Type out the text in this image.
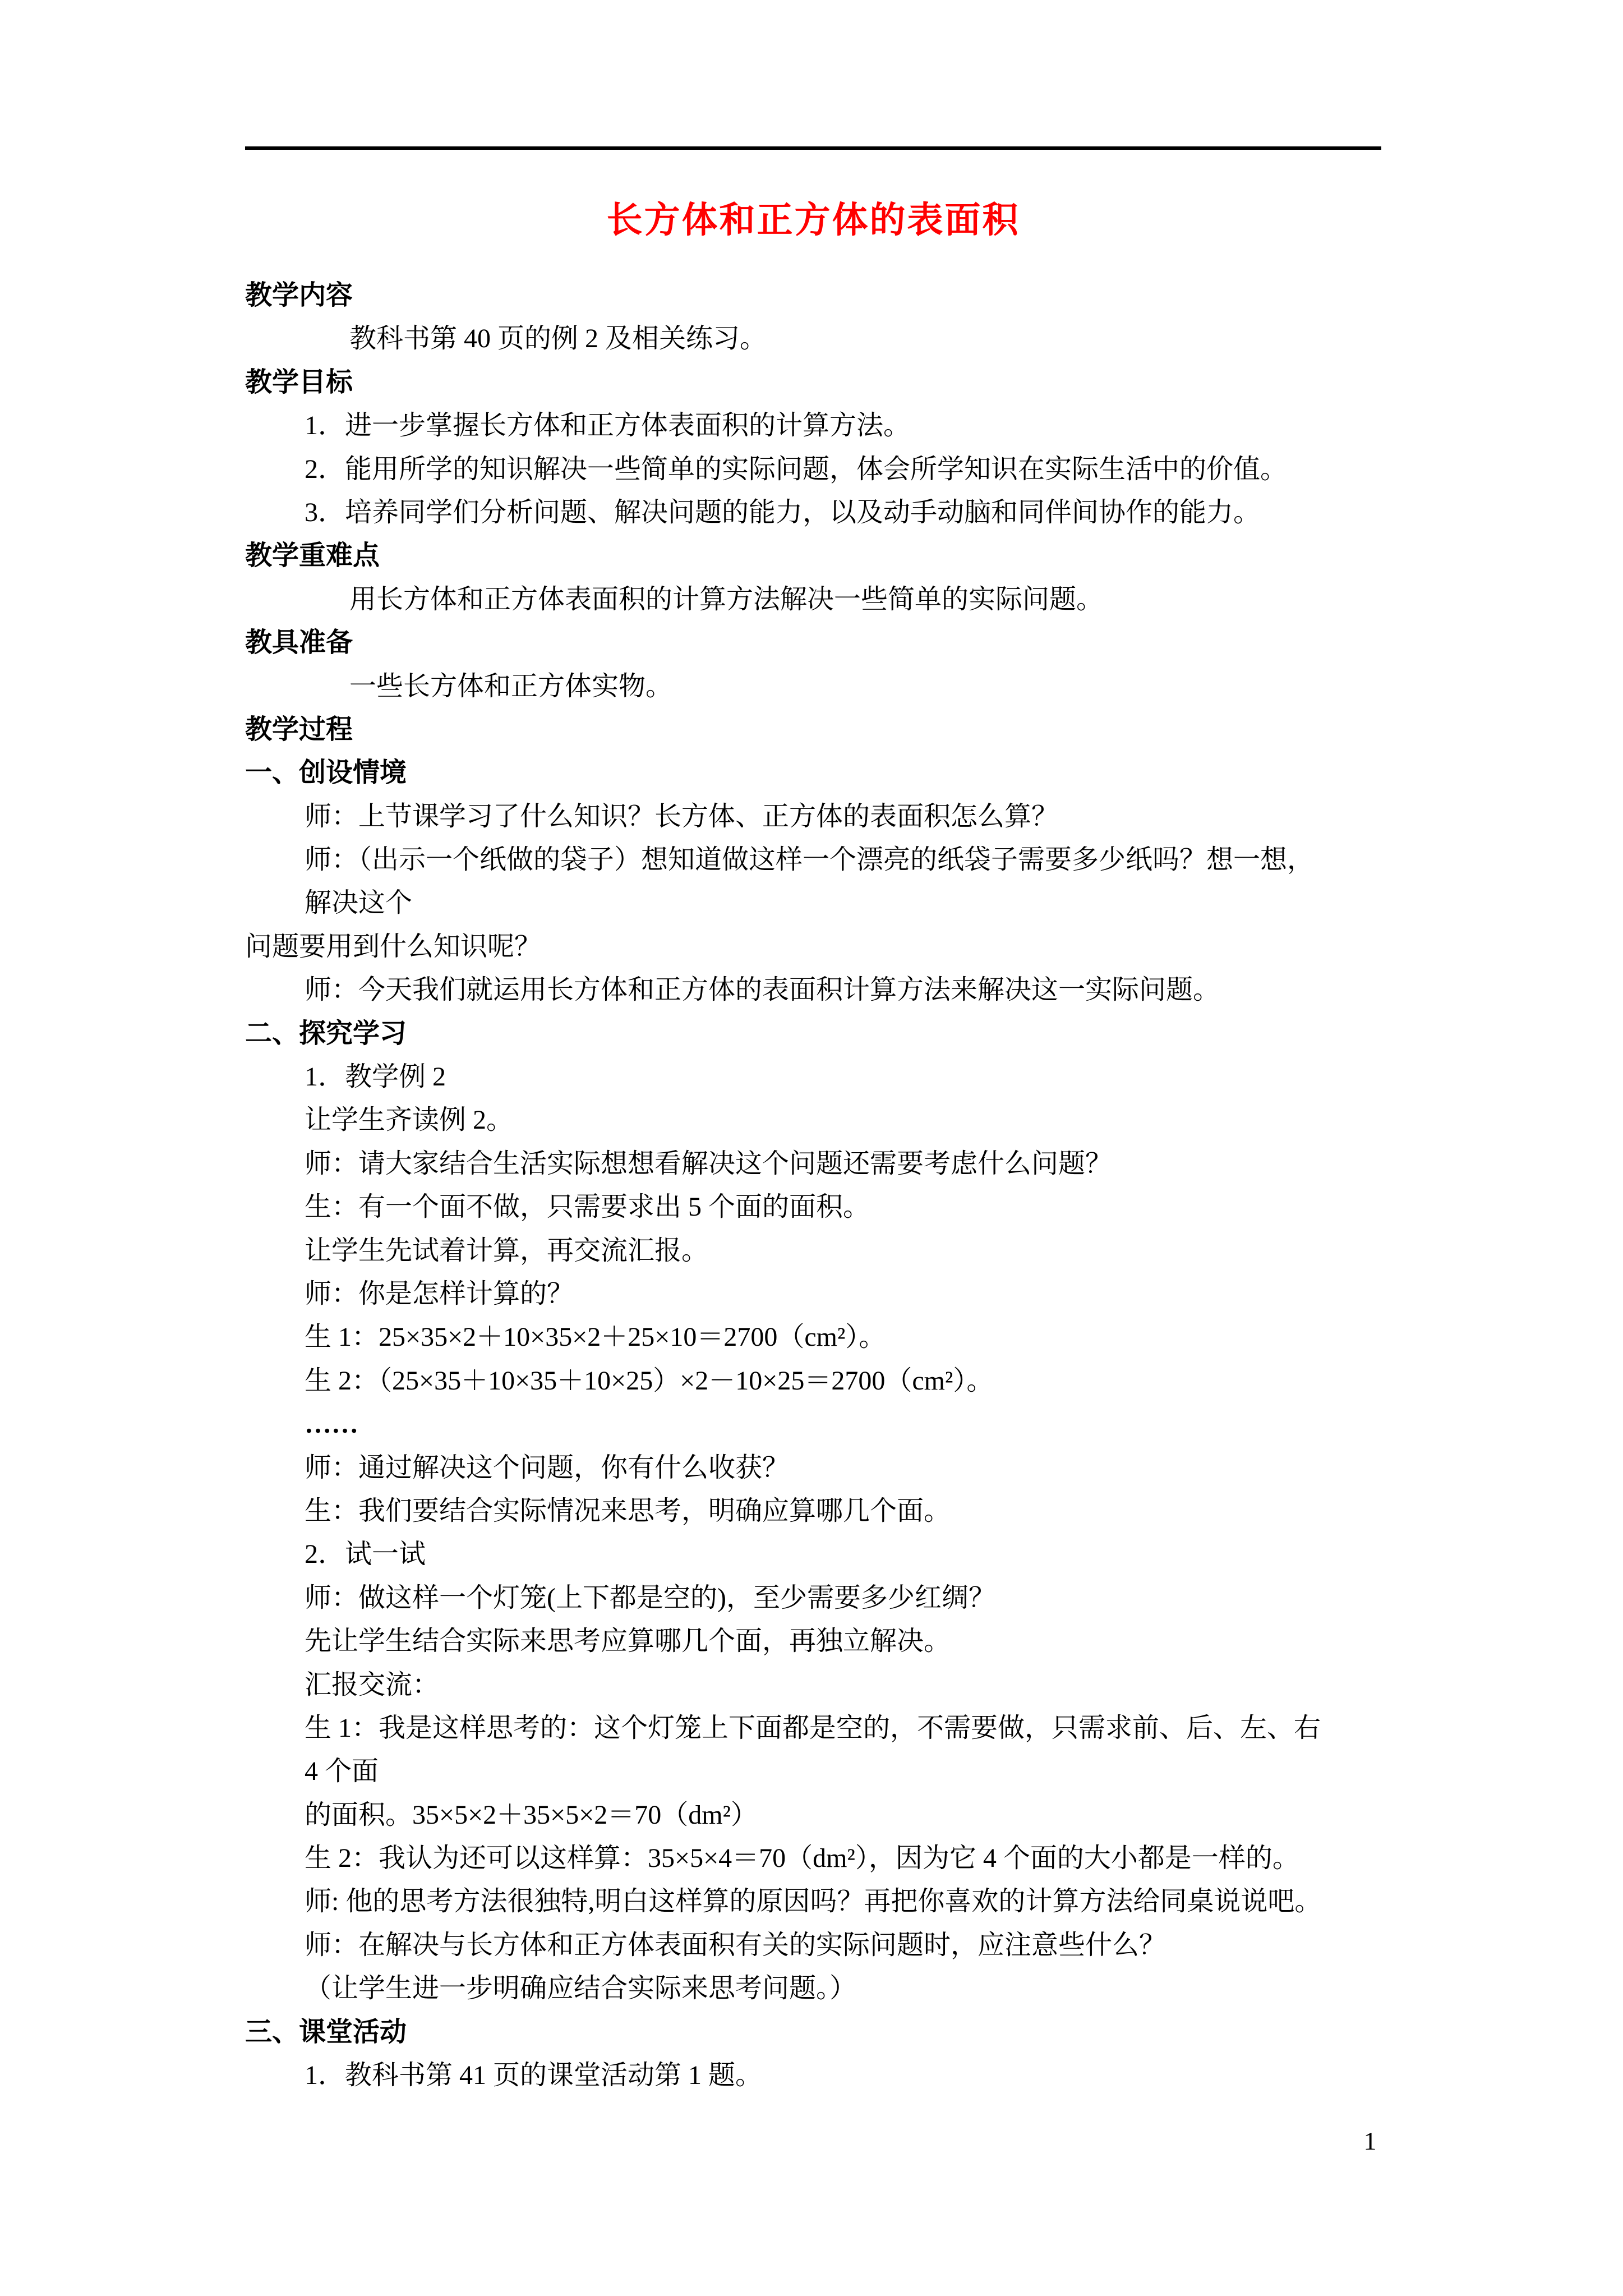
长方体和正方体的表面积
教学内容
教科书第 40 页的例 2 及相关练习。
教学目标
1．进一步掌握长方体和正方体表面积的计算方法。
2．能用所学的知识解决一些简单的实际问题，体会所学知识在实际生活中的价值。
3．培养同学们分析问题、解决问题的能力，以及动手动脑和同伴间协作的能力。
教学重难点
用长方体和正方体表面积的计算方法解决一些简单的实际问题。
教具准备
一些长方体和正方体实物。
教学过程
一、创设情境
师：上节课学习了什么知识？长方体、正方体的表面积怎么算？
师：（出示一个纸做的袋子）想知道做这样一个漂亮的纸袋子需要多少纸吗？想一想，
解决这个
问题要用到什么知识呢？
师：今天我们就运用长方体和正方体的表面积计算方法来解决这一实际问题。
二、探究学习
1．教学例 2
让学生齐读例 2。
师：请大家结合生活实际想想看解决这个问题还需要考虑什么问题？
生：有一个面不做，只需要求出 5 个面的面积。
让学生先试着计算，再交流汇报。
师：你是怎样计算的？
生 1：25×35×2＋10×35×2＋25×10＝2700（cm²）。
生 2：（25×35＋10×35＋10×25）×2－10×25＝2700（cm²）。
……
师：通过解决这个问题，你有什么收获？
生：我们要结合实际情况来思考，明确应算哪几个面。
2．试一试
师：做这样一个灯笼(上下都是空的)，至少需要多少红绸？
先让学生结合实际来思考应算哪几个面，再独立解决。
汇报交流：
生 1：我是这样思考的：这个灯笼上下面都是空的，不需要做，只需求前、后、左、右
4 个面
的面积。35×5×2＋35×5×2＝70（dm²）
生 2：我认为还可以这样算：35×5×4＝70（dm²），因为它 4 个面的大小都是一样的。
师: 他的思考方法很独特,明白这样算的原因吗？再把你喜欢的计算方法给同桌说说吧。
师：在解决与长方体和正方体表面积有关的实际问题时，应注意些什么？
（让学生进一步明确应结合实际来思考问题。）
三、课堂活动
1．教科书第 41 页的课堂活动第 1 题。
1
